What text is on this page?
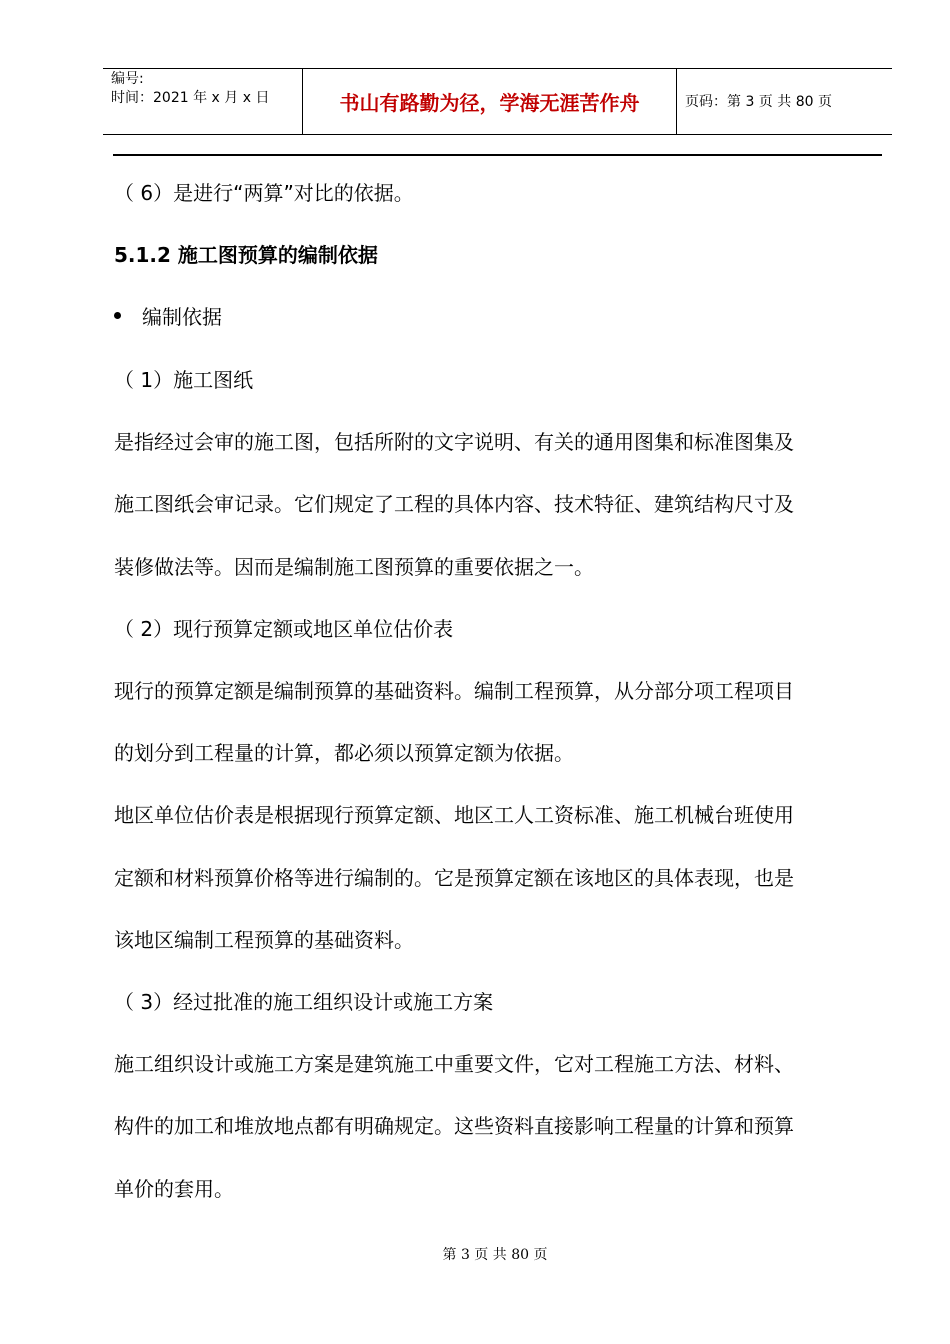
编号:
时间：2021 年 x 月 x 日	书山有路勤为径，学海无涯苦作舟	页码：第 3 页 共 80 页
（ 6）是进行“两算”对比的依据。
5.1.2 施工图预算的编制依据
编制依据
（ 1）施工图纸
是指经过会审的施工图，包括所附的文字说明、有关的通用图集和标准图集及
施工图纸会审记录。它们规定了工程的具体内容、技术特征、建筑结构尺寸及
装修做法等。因而是编制施工图预算的重要依据之一。
（ 2）现行预算定额或地区单位估价表
现行的预算定额是编制预算的基础资料。编制工程预算，从分部分项工程项目
的划分到工程量的计算，都必须以预算定额为依据。
地区单位估价表是根据现行预算定额、地区工人工资标准、施工机械台班使用
定额和材料预算价格等进行编制的。它是预算定额在该地区的具体表现，也是
该地区编制工程预算的基础资料。
（ 3）经过批准的施工组织设计或施工方案
施工组织设计或施工方案是建筑施工中重要文件，它对工程施工方法、材料、
构件的加工和堆放地点都有明确规定。这些资料直接影响工程量的计算和预算
单价的套用。
第 3 页 共 80 页
